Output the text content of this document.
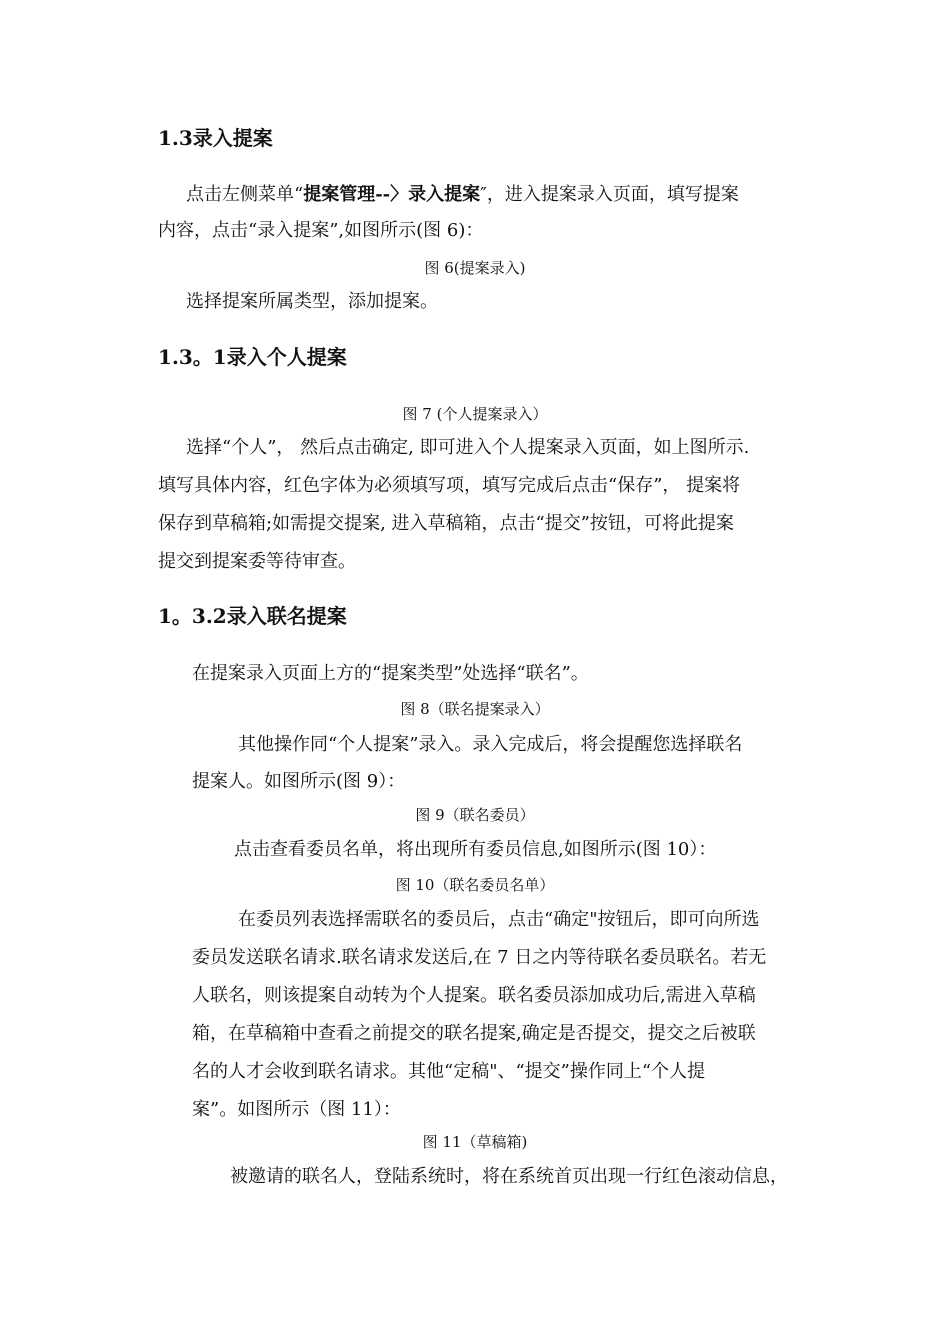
1.3录入提案
点击左侧菜单“提案管理--〉录入提案″，进入提案录入页面，填写提案
内容，点击“录入提案”,如图所示(图 6)：
图 6(提案录入)
选择提案所属类型，添加提案。
1.3。1录入个人提案
图 7 (个人提案录入）
选择“个人”， 然后点击确定, 即可进入个人提案录入页面，如上图所示.
填写具体内容，红色字体为必须填写项，填写完成后点击“保存”， 提案将
保存到草稿箱;如需提交提案, 进入草稿箱，点击“提交”按钮，可将此提案
提交到提案委等待审查。
1。3.2录入联名提案
在提案录入页面上方的“提案类型”处选择“联名”。
图 8（联名提案录入）
其他操作同“个人提案”录入。录入完成后，将会提醒您选择联名
提案人。如图所示(图 9）：
图 9（联名委员）
点击查看委员名单，将出现所有委员信息,如图所示(图 10）：
图 10（联名委员名单）
在委员列表选择需联名的委员后，点击“确定"按钮后，即可向所选
委员发送联名请求.联名请求发送后,在 7 日之内等待联名委员联名。若无
人联名，则该提案自动转为个人提案。联名委员添加成功后,需进入草稿
箱，在草稿箱中查看之前提交的联名提案,确定是否提交，提交之后被联
名的人才会收到联名请求。其他“定稿"、“提交”操作同上“个人提
案”。如图所示（图 11）：
图 11（草稿箱)
被邀请的联名人，登陆系统时，将在系统首页出现一行红色滚动信息，
